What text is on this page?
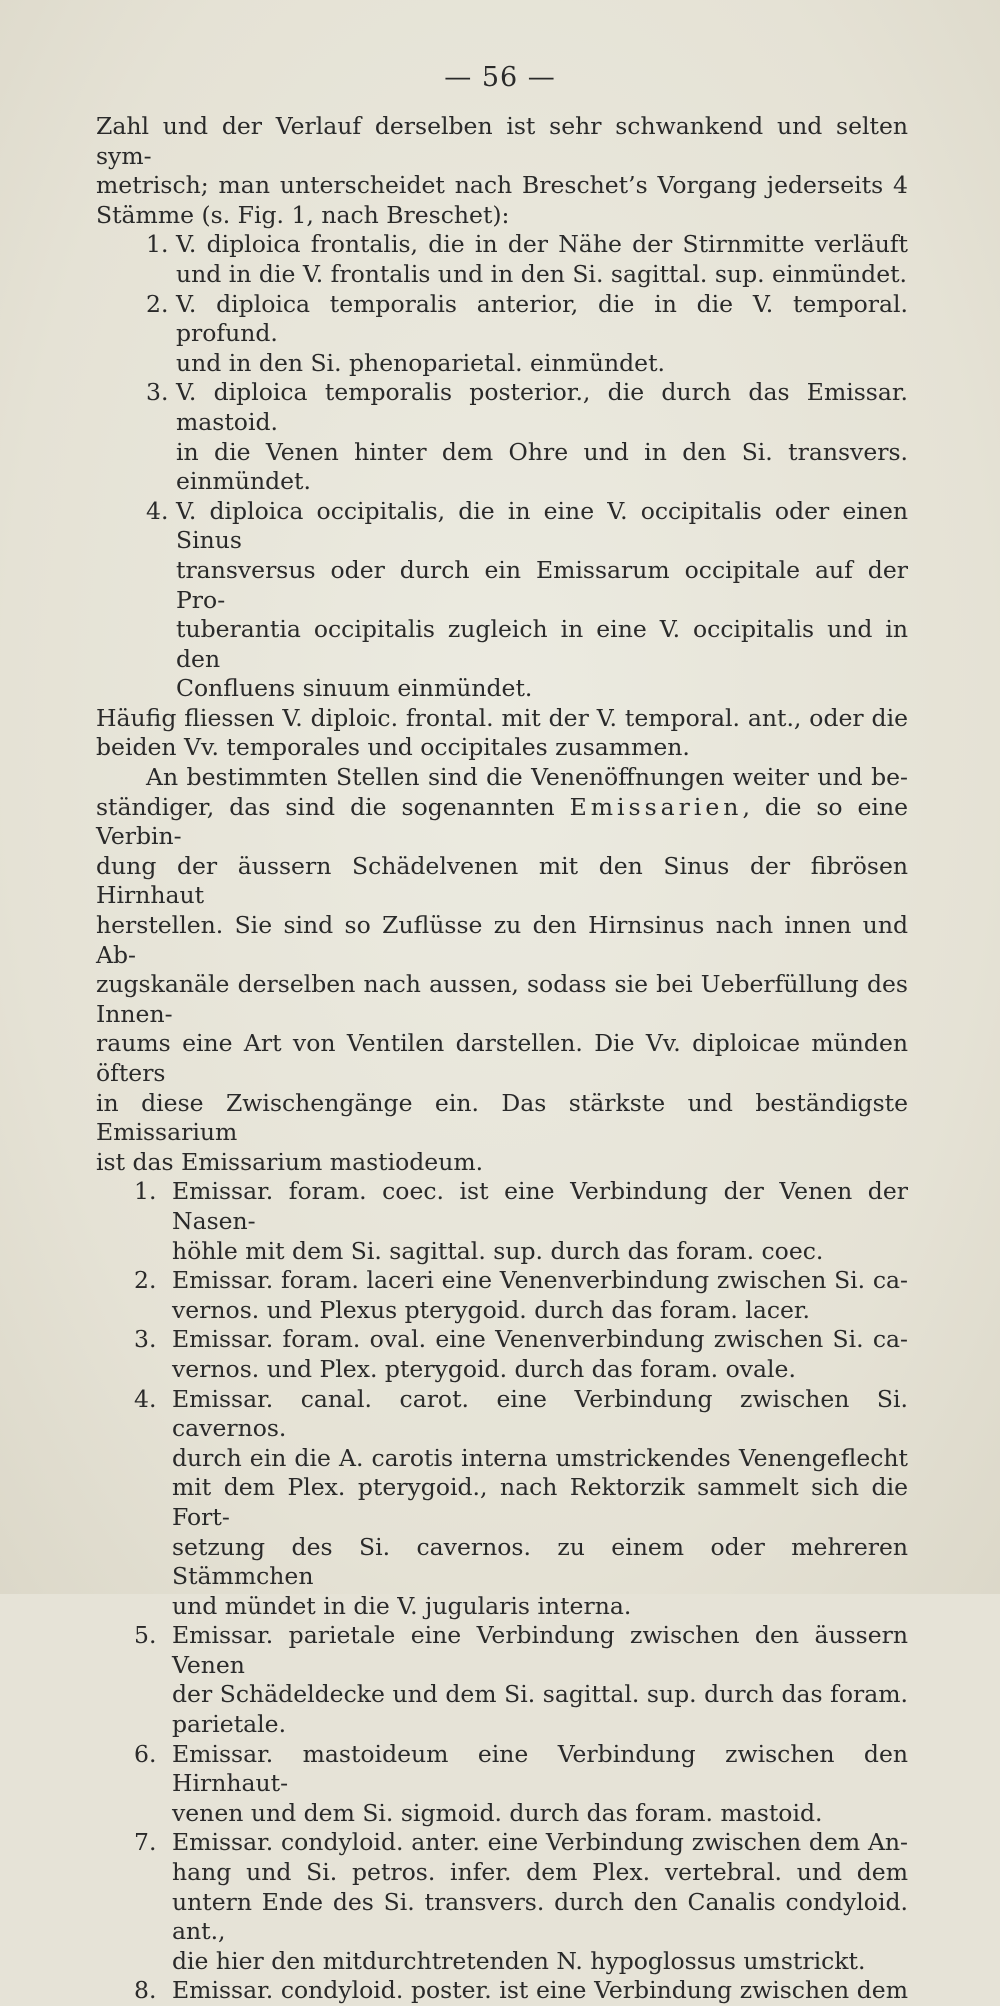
— 56 —

Zahl und der Verlauf derselben ist sehr schwankend und selten sym-

metrisch; man unterscheidet nach Breschet’s Vorgang jederseits 4

Stämme (s. Fig. 1, nach Breschet):

1. V. diploica frontalis, die in der Nähe der Stirnmitte verläuft

und in die V. frontalis und in den Si. sagittal. sup. einmündet.

2. V. diploica temporalis anterior, die in die V. temporal. profund.

und in den Si. phenoparietal. einmündet.

3. V. diploica temporalis posterior., die durch das Emissar. mastoid.

in die Venen hinter dem Ohre und in den Si. transvers. einmündet.

4. V. diploica occipitalis, die in eine V. occipitalis oder einen Sinus

transversus oder durch ein Emissarum occipitale auf der Pro-

tuberantia occipitalis zugleich in eine V. occipitalis und in den

Confluens sinuum einmündet.

Häufig fliessen V. diploic. frontal. mit der V. temporal. ant., oder die

beiden Vv. temporales und occipitales zusammen.

An bestimmten Stellen sind die Venenöffnungen weiter und be-

ständiger, das sind die sogenannten Emissarien, die so eine Verbin-

dung der äussern Schädelvenen mit den Sinus der fibrösen Hirnhaut

herstellen. Sie sind so Zuflüsse zu den Hirnsinus nach innen und Ab-

zugskanäle derselben nach aussen, sodass sie bei Ueberfüllung des Innen-

raums eine Art von Ventilen darstellen. Die Vv. diploicae münden öfters

in diese Zwischengänge ein. Das stärkste und beständigste Emissarium

ist das Emissarium mastiodeum.

1. Emissar. foram. coec. ist eine Verbindung der Venen der Nasen-

höhle mit dem Si. sagittal. sup. durch das foram. coec.

2. Emissar. foram. laceri eine Venenverbindung zwischen Si. ca-

vernos. und Plexus pterygoid. durch das foram. lacer.

3. Emissar. foram. oval. eine Venenverbindung zwischen Si. ca-

vernos. und Plex. pterygoid. durch das foram. ovale.

4. Emissar. canal. carot. eine Verbindung zwischen Si. cavernos.

durch ein die A. carotis interna umstrickendes Venengeflecht

mit dem Plex. pterygoid., nach Rektorzik sammelt sich die Fort-

setzung des Si. cavernos. zu einem oder mehreren Stämmchen

und mündet in die V. jugularis interna.

5. Emissar. parietale eine Verbindung zwischen den äussern Venen

der Schädeldecke und dem Si. sagittal. sup. durch das foram.

parietale.

6. Emissar. mastoideum eine Verbindung zwischen den Hirnhaut-

venen und dem Si. sigmoid. durch das foram. mastoid.

7. Emissar. condyloid. anter. eine Verbindung zwischen dem An-

hang und Si. petros. infer. dem Plex. vertebral. und dem

untern Ende des Si. transvers. durch den Canalis condyloid. ant.,

die hier den mitdurchtretenden N. hypoglossus umstrickt.

8. Emissar. condyloid. poster. ist eine Verbindung zwischen dem
